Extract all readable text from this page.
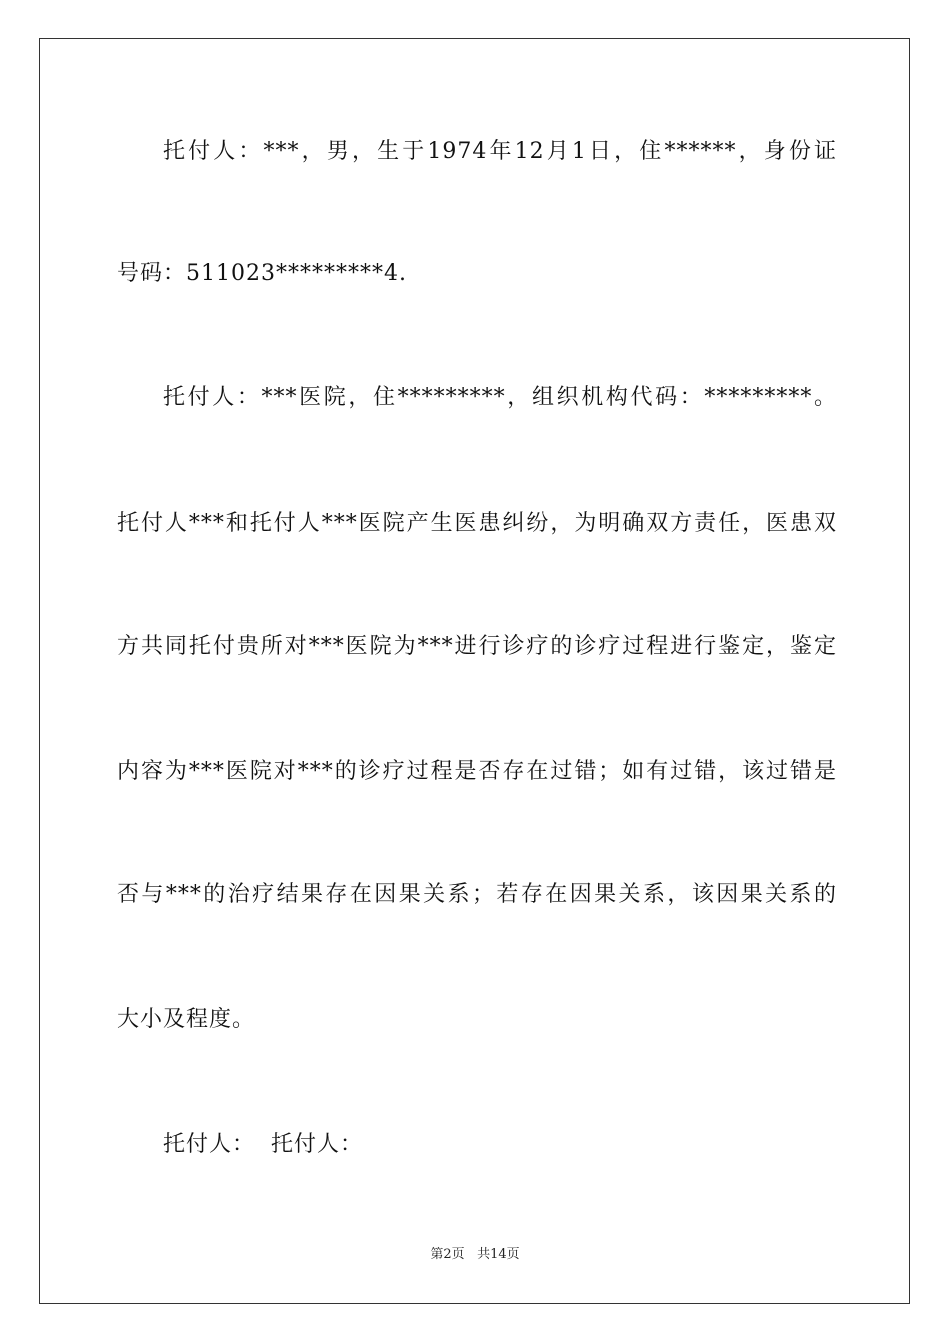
托付人：***，男，生于1974年12月1日，住******，身份证
号码：511023*********4.
托付人：***医院，住*********，组织机构代码：*********。
托付人***和托付人***医院产生医患纠纷，为明确双方责任，医患双
方共同托付贵所对***医院为***进行诊疗的诊疗过程进行鉴定，鉴定
内容为***医院对***的诊疗过程是否存在过错；如有过错，该过错是
否与***的治疗结果存在因果关系；若存在因果关系，该因果关系的
大小及程度。
托付人：  托付人：
第2页 共14页
